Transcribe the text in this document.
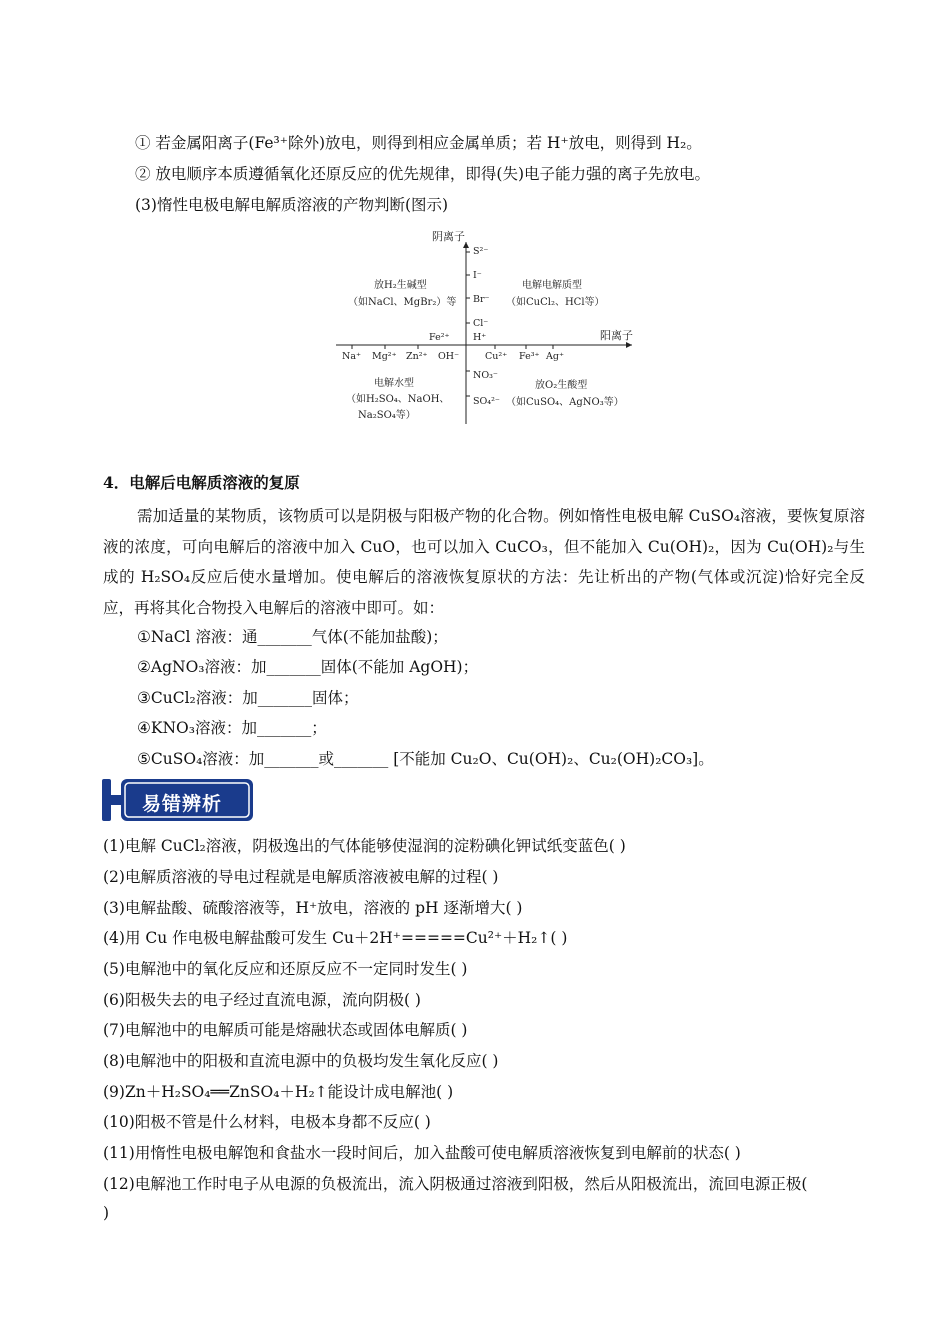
① 若金属阳离子(Fe³⁺除外)放电，则得到相应金属单质；若 H⁺放电，则得到 H₂。
② 放电顺序本质遵循氧化还原反应的优先规律，即得(失)电子能力强的离子先放电。
(3)惰性电极电解电解质溶液的产物判断(图示)
阴离子
阳离子
S²⁻
I⁻
Br⁻
Cl⁻
H⁺
Fe²⁺
NO₃⁻
SO₄²⁻
Na⁺ Mg²⁺ Zn²⁺ OH⁻	Cu²⁺ Fe³⁺ Ag⁺
放H₂生碱型
（如NaCl、MgBr₂）等
电解电解质型
（如CuCl₂、HCl等）
电解水型
（如H₂SO₄、NaOH、
Na₂SO₄等）
放O₂生酸型
（如CuSO₄、AgNO₃等）
4．电解后电解质溶液的复原
需加适量的某物质，该物质可以是阴极与阳极产物的化合物。例如惰性电极电解 CuSO₄溶液，要恢复原溶液的浓度，可向电解后的溶液中加入 CuO，也可以加入 CuCO₃，但不能加入 Cu(OH)₂，因为 Cu(OH)₂与生成的 H₂SO₄反应后使水量增加。使电解后的溶液恢复原状的方法：先让析出的产物(气体或沉淀)恰好完全反应，再将其化合物投入电解后的溶液中即可。如：
①NaCl 溶液：通_______气体(不能加盐酸)；
②AgNO₃溶液：加_______固体(不能加 AgOH)；
③CuCl₂溶液：加_______固体；
④KNO₃溶液：加_______；
⑤CuSO₄溶液：加_______或_______ [不能加 Cu₂O、Cu(OH)₂、Cu₂(OH)₂CO₃]。
易错辨析
(1)电解 CuCl₂溶液，阴极逸出的气体能够使湿润的淀粉碘化钾试纸变蓝色( )
(2)电解质溶液的导电过程就是电解质溶液被电解的过程( )
(3)电解盐酸、硫酸溶液等，H⁺放电，溶液的 pH 逐渐增大( )
(4)用 Cu 作电极电解盐酸可发生 Cu＋2H⁺=====Cu²⁺＋H₂↑( )
(5)电解池中的氧化反应和还原反应不一定同时发生( )
(6)阳极失去的电子经过直流电源，流向阴极( )
(7)电解池中的电解质可能是熔融状态或固体电解质( )
(8)电解池中的阳极和直流电源中的负极均发生氧化反应( )
(9)Zn＋H₂SO₄══ZnSO₄＋H₂↑能设计成电解池( )
(10)阳极不管是什么材料，电极本身都不反应( )
(11)用惰性电极电解饱和食盐水一段时间后，加入盐酸可使电解质溶液恢复到电解前的状态( )
(12)电解池工作时电子从电源的负极流出，流入阴极通过溶液到阳极，然后从阳极流出，流回电源正极(
)
